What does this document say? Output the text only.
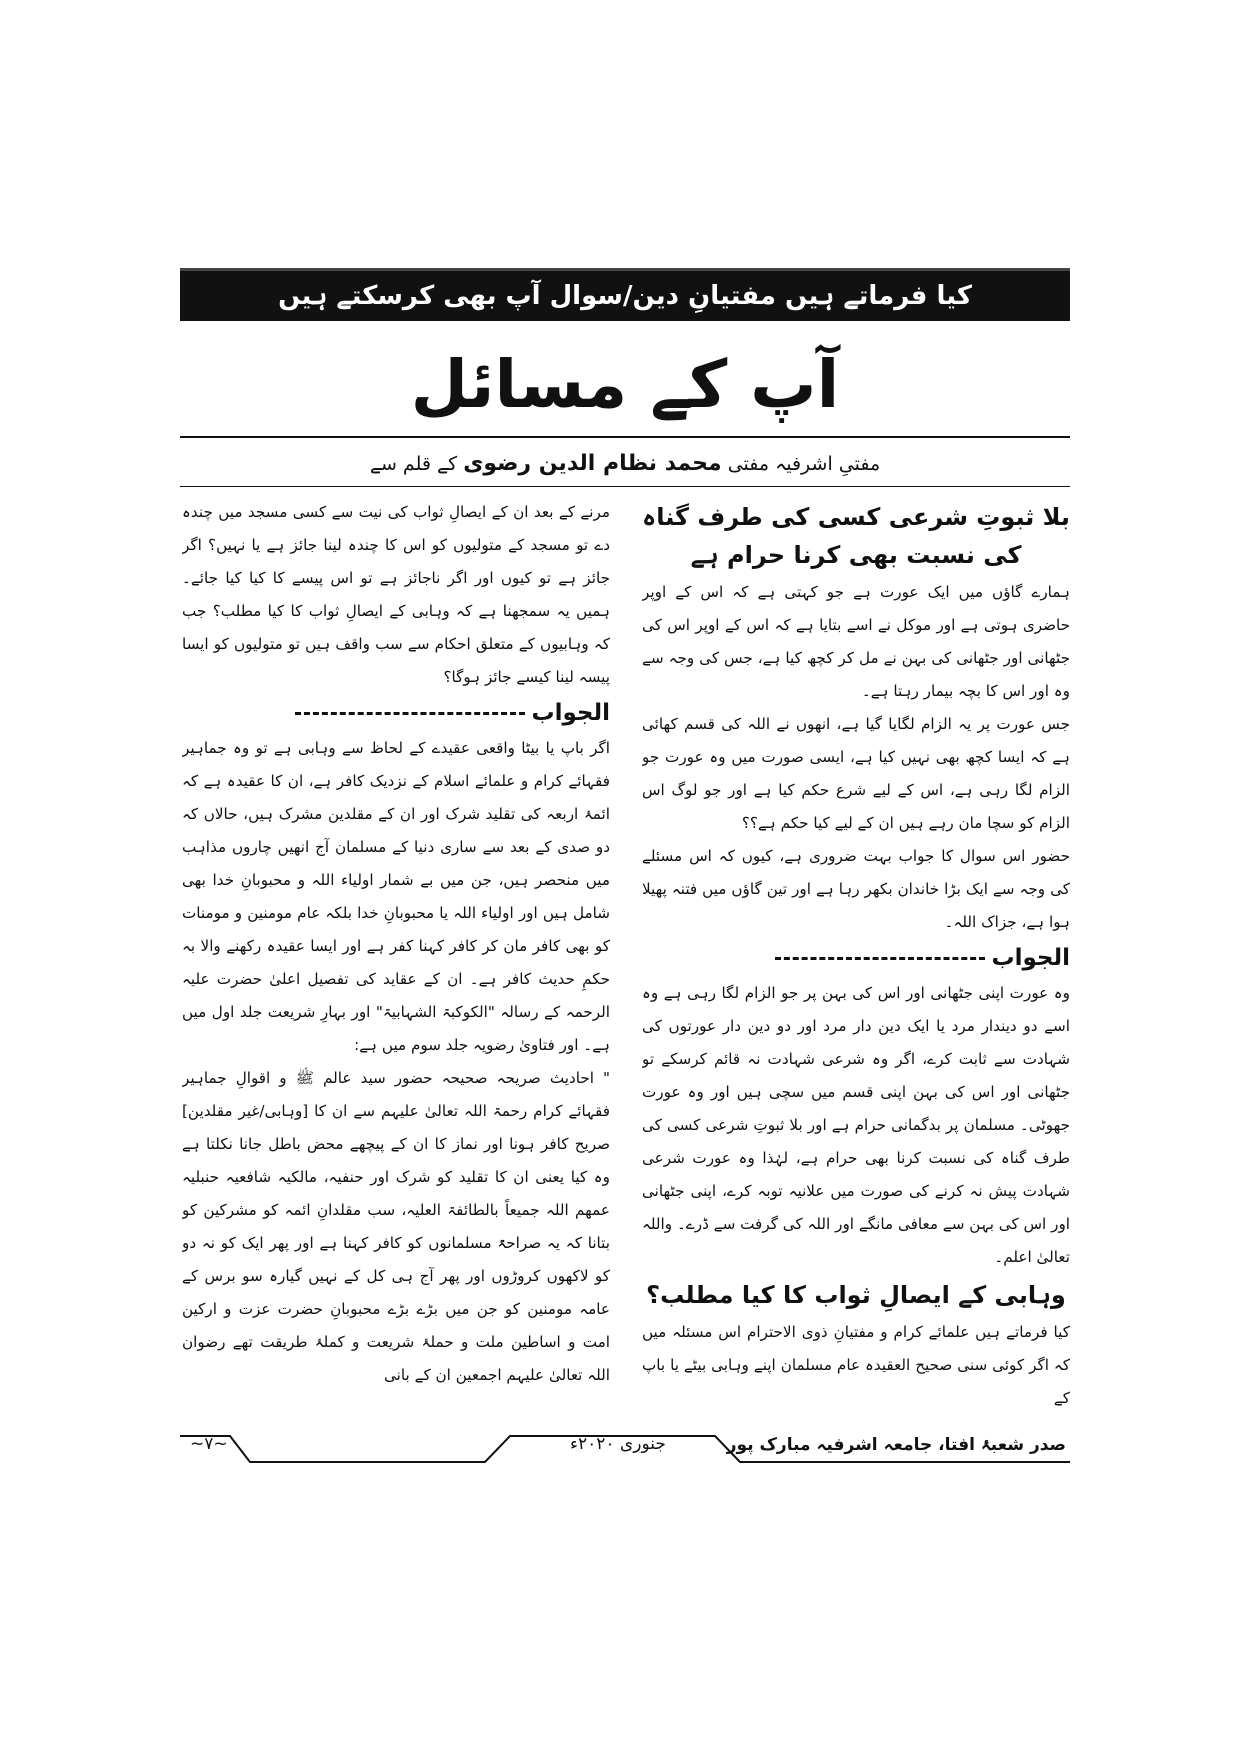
کیا فرماتے ہیں مفتیانِ دین/سوال آپ بھی کرسکتے ہیں
آپ کے مسائل
مفتیِ اشرفیہ مفتی محمد نظام الدین رضوی کے قلم سے

بلا ثبوتِ شرعی کسی کی طرف گناہ کی نسبت بھی کرنا حرام ہے

ہمارے گاؤں میں ایک عورت ہے جو کہتی ہے کہ اس کے اوپر حاضری ہوتی ہے اور موکل نے اسے بتایا ہے کہ اس کے اوپر اس کی جٹھانی اور جٹھانی کی بہن نے مل کر کچھ کیا ہے، جس کی وجہ سے وہ اور اس کا بچہ بیمار رہتا ہے۔

جس عورت پر یہ الزام لگایا گیا ہے، انھوں نے اللہ کی قسم کھائی ہے کہ ایسا کچھ بھی نہیں کیا ہے، ایسی صورت میں وہ عورت جو الزام لگا رہی ہے، اس کے لیے شرع حکم کیا ہے اور جو لوگ اس الزام کو سچا مان رہے ہیں ان کے لیے کیا حکم ہے؟؟

حضور اس سوال کا جواب بہت ضروری ہے، کیوں کہ اس مسئلے کی وجہ سے ایک بڑا خاندان بکھر رہا ہے اور تین گاؤں میں فتنہ پھیلا ہوا ہے، جزاک اللہ۔

الجواب

وہ عورت اپنی جٹھانی اور اس کی بہن پر جو الزام لگا رہی ہے وہ اسے دو دیندار مرد یا ایک دین دار مرد اور دو دین دار عورتوں کی شہادت سے ثابت کرے، اگر وہ شرعی شہادت نہ قائم کرسکے تو جٹھانی اور اس کی بہن اپنی قسم میں سچی ہیں اور وہ عورت جھوٹی۔ مسلمان پر بدگمانی حرام ہے اور بلا ثبوتِ شرعی کسی کی طرف گناہ کی نسبت کرنا بھی حرام ہے، لہٰذا وہ عورت شرعی شہادت پیش نہ کرنے کی صورت میں علانیہ توبہ کرے، اپنی جٹھانی اور اس کی بہن سے معافی مانگے اور اللہ کی گرفت سے ڈرے۔ واللہ تعالیٰ اعلم۔

وہابی کے ایصالِ ثواب کا کیا مطلب؟

کیا فرماتے ہیں علمائے کرام و مفتیانِ ذوی الاحترام اس مسئلہ میں کہ اگر کوئی سنی صحیح العقیدہ عام مسلمان اپنے وہابی بیٹے یا باپ کے

مرنے کے بعد ان کے ایصالِ ثواب کی نیت سے کسی مسجد میں چندہ دے تو مسجد کے متولیوں کو اس کا چندہ لینا جائز ہے یا نہیں؟ اگر جائز ہے تو کیوں اور اگر ناجائز ہے تو اس پیسے کا کیا کیا جائے۔ ہمیں یہ سمجھنا ہے کہ وہابی کے ایصالِ ثواب کا کیا مطلب؟ جب کہ وہابیوں کے متعلق احکام سے سب واقف ہیں تو متولیوں کو ایسا پیسہ لینا کیسے جائز ہوگا؟

الجواب

اگر باپ یا بیٹا واقعی عقیدے کے لحاظ سے وہابی ہے تو وہ جماہیر فقہائے کرام و علمائے اسلام کے نزدیک کافر ہے، ان کا عقیدہ ہے کہ ائمۂ اربعہ کی تقلید شرک اور ان کے مقلدین مشرک ہیں، حالاں کہ دو صدی کے بعد سے ساری دنیا کے مسلمان آج انھیں چاروں مذاہب میں منحصر ہیں، جن میں بے شمار اولیاء اللہ و محبوبانِ خدا بھی شامل ہیں اور اولیاء اللہ یا محبوبانِ خدا بلکہ عام مومنین و مومنات کو بھی کافر مان کر کافر کہنا کفر ہے اور ایسا عقیدہ رکھنے والا بہ حکمِ حدیث کافر ہے۔ ان کے عقاید کی تفصیل اعلیٰ حضرت علیہ الرحمہ کے رسالہ "الکوکبۃ الشہابیۃ" اور بہارِ شریعت جلد اول میں ہے۔ اور فتاویٰ رضویہ جلد سوم میں ہے:

" احادیث صریحہ صحیحہ حضور سید عالم ﷺ و اقوالِ جماہیر فقہائے کرام رحمۃ اللہ تعالیٰ علیہم سے ان کا [وہابی/غیر مقلدین] صریح کافر ہونا اور نماز کا ان کے پیچھے محض باطل جانا نکلتا ہے وہ کیا یعنی ان کا تقلید کو شرک اور حنفیہ، مالکیہ شافعیہ حنبلیہ عمھم اللہ جمیعاً بالطائفۃ العلیہ، سب مقلدانِ ائمہ کو مشرکین کو بتانا کہ یہ صراحۃً مسلمانوں کو کافر کہنا ہے اور پھر ایک کو نہ دو کو لاکھوں کروڑوں اور پھر آج ہی کل کے نہیں گیارہ سو برس کے عامہ مومنین کو جن میں بڑے بڑے محبوبانِ حضرت عزت و ارکین امت و اساطین ملت و حملۂ شریعت و کملۂ طریقت تھے رضوان اللہ تعالیٰ علیہم اجمعین ان کے بانی

صدر شعبۂ افتا، جامعہ اشرفیہ مبارک پور
جنوری ۲۰۲۰ء
~۷~
